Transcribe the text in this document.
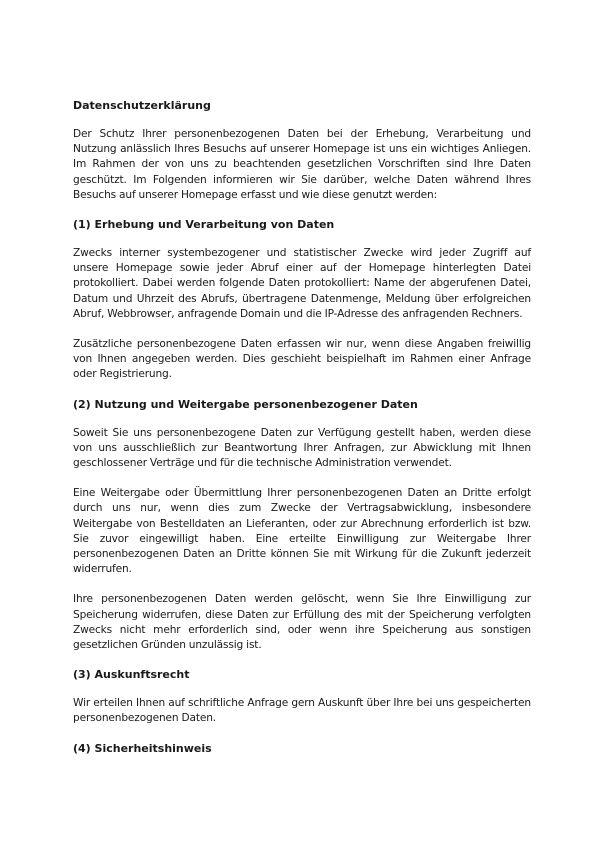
Datenschutzerklärung

Der Schutz Ihrer personenbezogenen Daten bei der Erhebung, Verarbeitung und Nutzung anlässlich Ihres Besuchs auf unserer Homepage ist uns ein wichtiges Anliegen. Im Rahmen der von uns zu beachtenden gesetzlichen Vorschriften sind Ihre Daten geschützt. Im Folgenden informieren wir Sie darüber, welche Daten während Ihres Besuchs auf unserer Homepage erfasst und wie diese genutzt werden:

(1) Erhebung und Verarbeitung von Daten

Zwecks interner systembezogener und statistischer Zwecke wird jeder Zugriff auf unsere Homepage sowie jeder Abruf einer auf der Homepage hinterlegten Datei protokolliert. Dabei werden folgende Daten protokolliert: Name der abgerufenen Datei, Datum und Uhrzeit des Abrufs, übertragene Datenmenge, Meldung über erfolgreichen Abruf, Webbrowser, anfragende Domain und die IP-Adresse des anfragenden Rechners.

Zusätzliche personenbezogene Daten erfassen wir nur, wenn diese Angaben freiwillig von Ihnen angegeben werden. Dies geschieht beispielhaft im Rahmen einer Anfrage oder Registrierung.

(2) Nutzung und Weitergabe personenbezogener Daten

Soweit Sie uns personenbezogene Daten zur Verfügung gestellt haben, werden diese von uns ausschließlich zur Beantwortung Ihrer Anfragen, zur Abwicklung mit Ihnen geschlossener Verträge und für die technische Administration verwendet.

Eine Weitergabe oder Übermittlung Ihrer personenbezogenen Daten an Dritte erfolgt durch uns nur, wenn dies zum Zwecke der Vertragsabwicklung, insbesondere Weitergabe von Bestelldaten an Lieferanten, oder zur Abrechnung erforderlich ist bzw. Sie zuvor eingewilligt haben. Eine erteilte Einwilligung zur Weitergabe Ihrer personenbezogenen Daten an Dritte können Sie mit Wirkung für die Zukunft jederzeit widerrufen.

Ihre personenbezogenen Daten werden gelöscht, wenn Sie Ihre Einwilligung zur Speicherung widerrufen, diese Daten zur Erfüllung des mit der Speicherung verfolgten Zwecks nicht mehr erforderlich sind, oder wenn ihre Speicherung aus sonstigen gesetzlichen Gründen unzulässig ist.

(3) Auskunftsrecht

Wir erteilen Ihnen auf schriftliche Anfrage gern Auskunft über Ihre bei uns gespeicherten personenbezogenen Daten.

(4) Sicherheitshinweis
